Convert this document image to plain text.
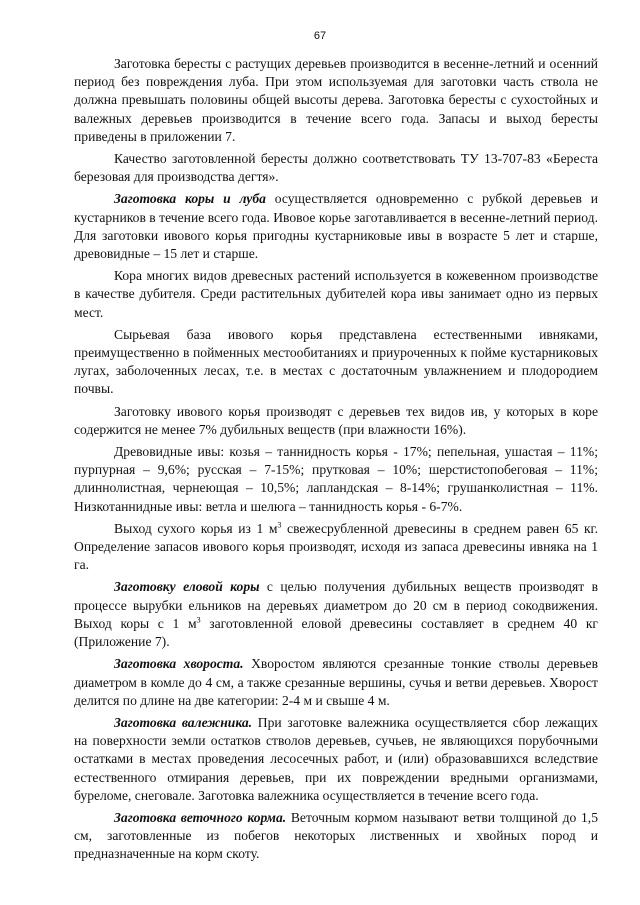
67

Заготовка бересты с растущих деревьев производится в весенне-летний и осенний период без повреждения луба. При этом используемая для заготовки часть ствола не должна превышать половины общей высоты дерева. Заготовка бересты с сухостойных и валежных деревьев производится в течение всего года. Запасы и выход бересты приведены в приложении 7.

Качество заготовленной бересты должно соответствовать ТУ 13-707-83 «Береста березовая для производства дегтя».

Заготовка коры и луба осуществляется одновременно с рубкой деревьев и кустарников в течение всего года. Ивовое корье заготавливается в весенне-летний период. Для заготовки ивового корья пригодны кустарниковые ивы в возрасте 5 лет и старше, древовидные – 15 лет и старше.

Кора многих видов древесных растений используется в кожевенном производстве в качестве дубителя. Среди растительных дубителей кора ивы занимает одно из первых мест.

Сырьевая база ивового корья представлена естественными ивняками, преимущественно в пойменных местообитаниях и приуроченных к пойме кустарниковых лугах, заболоченных лесах, т.е. в местах с достаточным увлажнением и плодородием почвы.

Заготовку ивового корья производят с деревьев тех видов ив, у которых в коре содержится не менее 7% дубильных веществ (при влажности 16%).

Древовидные ивы: козья – таннидность корья - 17%; пепельная, ушастая – 11%; пурпурная – 9,6%; русская – 7-15%; прутковая – 10%; шерстистопобеговая – 11%; длиннолистная, чернеющая – 10,5%; лапландская – 8-14%; грушанколистная – 11%. Низкотаннидные ивы: ветла и шелюга – таннидность корья - 6-7%.

Выход сухого корья из 1 $м^3$ свежесрубленной древесины в среднем равен 65 кг. Определение запасов ивового корья производят, исходя из запаса древесины ивняка на 1 га.

Заготовку еловой коры с целью получения дубильных веществ производят в процессе вырубки ельников на деревьях диаметром до 20 см в период сокодвижения. Выход коры с 1 $м^3$ заготовленной еловой древесины составляет в среднем 40 кг (Приложение 7).

Заготовка хвороста. Хворостом являются срезанные тонкие стволы деревьев диаметром в комле до 4 см, а также срезанные вершины, сучья и ветви деревьев. Хворост делится по длине на две категории: 2-4 м и свыше 4 м.

Заготовка валежника. При заготовке валежника осуществляется сбор лежащих на поверхности земли остатков стволов деревьев, сучьев, не являющихся порубочными остатками в местах проведения лесосечных работ, и (или) образовавшихся вследствие естественного отмирания деревьев, при их повреждении вредными организмами, буреломе, снеговале. Заготовка валежника осуществляется в течение всего года.

Заготовка веточного корма. Веточным кормом называют ветви толщиной до 1,5 см, заготовленные из побегов некоторых лиственных и хвойных пород и предназначенные на корм скоту.
